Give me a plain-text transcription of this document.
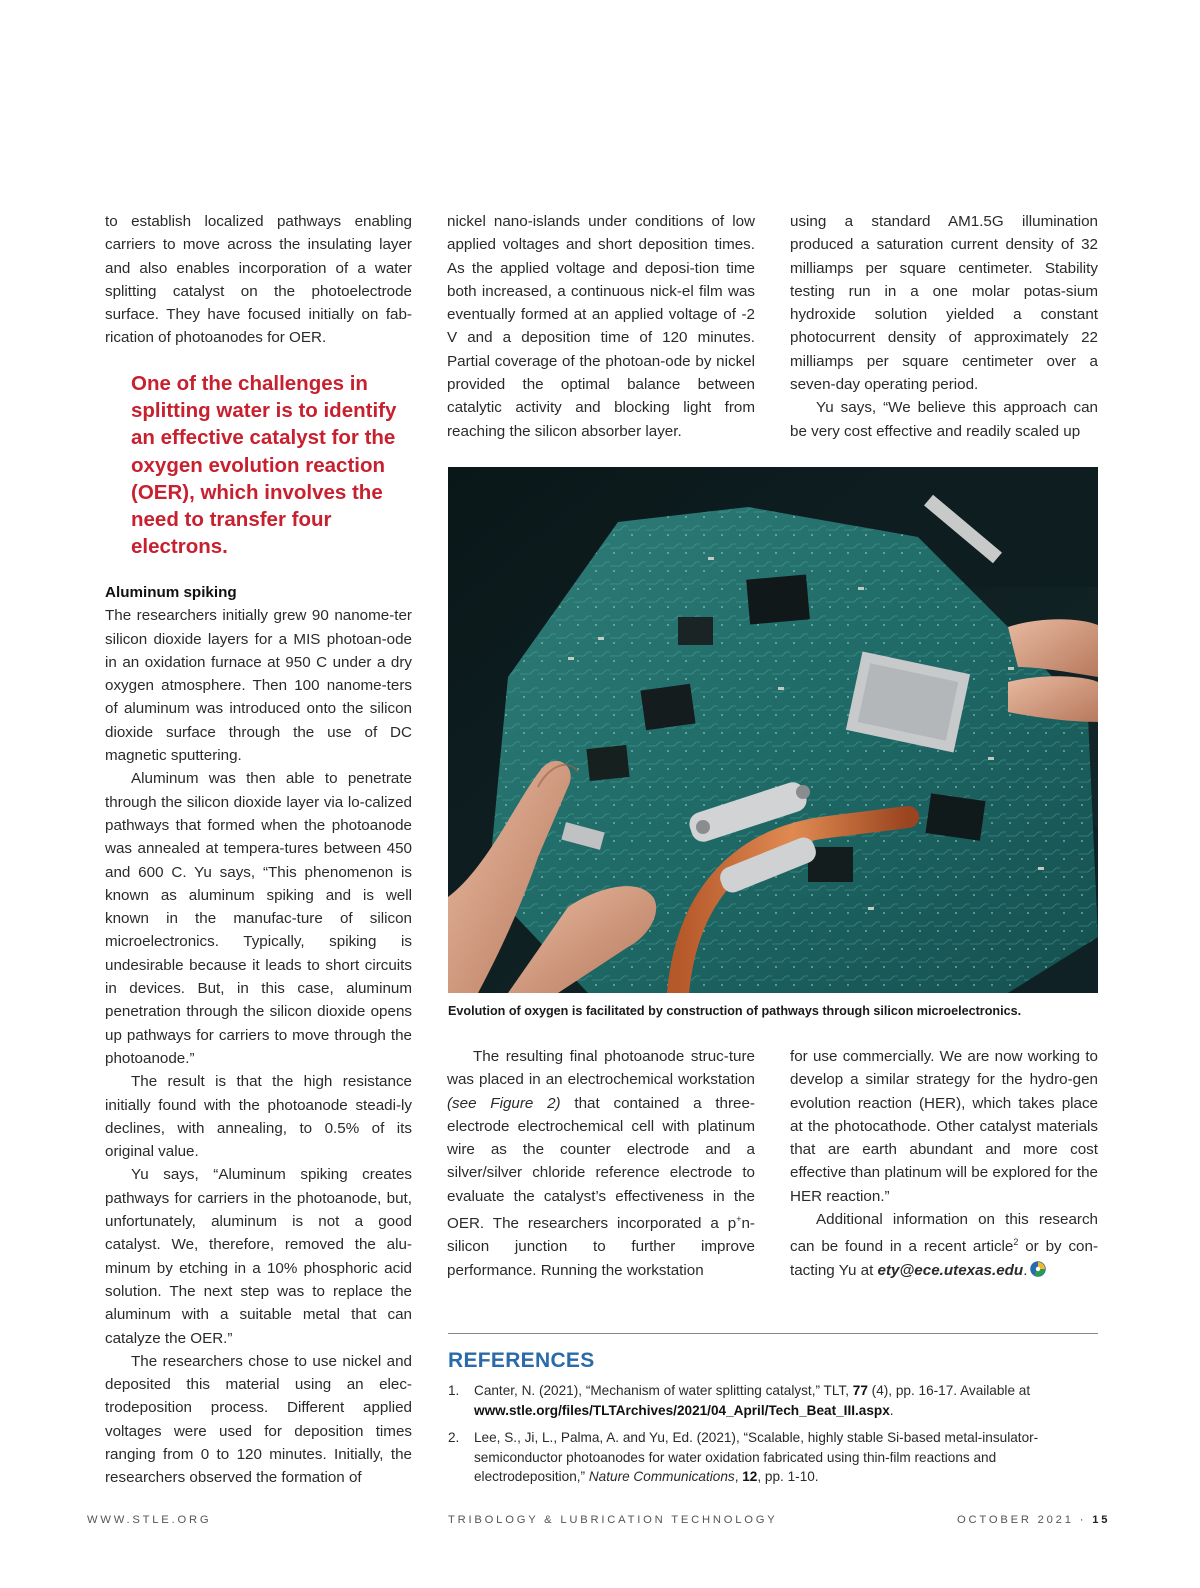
to establish localized pathways enabling carriers to move across the insulating layer and also enables incorporation of a water splitting catalyst on the photoelectrode surface. They have focused initially on fab-rication of photoanodes for OER.

One of the challenges in splitting water is to identify an effective catalyst for the oxygen evolution reaction (OER), which involves the need to transfer four electrons.

Aluminum spiking

The researchers initially grew 90 nanome-ter silicon dioxide layers for a MIS photoan-ode in an oxidation furnace at 950 C under a dry oxygen atmosphere. Then 100 nanome-ters of aluminum was introduced onto the silicon dioxide surface through the use of DC magnetic sputtering.

Aluminum was then able to penetrate through the silicon dioxide layer via lo-calized pathways that formed when the photoanode was annealed at tempera-tures between 450 and 600 C. Yu says, “This phenomenon is known as aluminum spiking and is well known in the manufac-ture of silicon microelectronics. Typically, spiking is undesirable because it leads to short circuits in devices. But, in this case, aluminum penetration through the silicon dioxide opens up pathways for carriers to move through the photoanode.”

The result is that the high resistance initially found with the photoanode steadi-ly declines, with annealing, to 0.5% of its original value.

Yu says, “Aluminum spiking creates pathways for carriers in the photoanode, but, unfortunately, aluminum is not a good catalyst. We, therefore, removed the alu-minum by etching in a 10% phosphoric acid solution. The next step was to replace the aluminum with a suitable metal that can catalyze the OER.”

The researchers chose to use nickel and deposited this material using an elec-trodeposition process. Different applied voltages were used for deposition times ranging from 0 to 120 minutes. Initially, the researchers observed the formation of

nickel nano-islands under conditions of low applied voltages and short deposition times. As the applied voltage and deposi-tion time both increased, a continuous nick-el film was eventually formed at an applied voltage of -2 V and a deposition time of 120 minutes. Partial coverage of the photoan-ode by nickel provided the optimal balance between catalytic activity and blocking light from reaching the silicon absorber layer.

using a standard AM1.5G illumination produced a saturation current density of 32 milliamps per square centimeter. Stability testing run in a one molar potas-sium hydroxide solution yielded a constant photocurrent density of approximately 22 milliamps per square centimeter over a seven-day operating period.

Yu says, “We believe this approach can be very cost effective and readily scaled up

Evolution of oxygen is facilitated by construction of pathways through silicon microelectronics.

The resulting final photoanode struc-ture was placed in an electrochemical workstation (see Figure 2) that contained a three-electrode electrochemical cell with platinum wire as the counter electrode and a silver/silver chloride reference electrode to evaluate the catalyst’s effectiveness in the OER. The researchers incorporated a p+n-silicon junction to further improve performance. Running the workstation

for use commercially. We are now working to develop a similar strategy for the hydro-gen evolution reaction (HER), which takes place at the photocathode. Other catalyst materials that are earth abundant and more cost effective than platinum will be explored for the HER reaction.”

Additional information on this research can be found in a recent article$^2$ or by con-tacting Yu at ety@ece.utexas.edu.

REFERENCES
1. Canter, N. (2021), “Mechanism of water splitting catalyst,” TLT, 77 (4), pp. 16-17. Available at www.stle.org/files/TLTArchives/2021/04_April/Tech_Beat_III.aspx.
2. Lee, S., Ji, L., Palma, A. and Yu, Ed. (2021), “Scalable, highly stable Si-based metal-insulator-semiconductor photoanodes for water oxidation fabricated using thin-film reactions and electrodeposition,” Nature Communications, 12, pp. 1-10.
WWW.STLE.ORG	TRIBOLOGY & LUBRICATION TECHNOLOGY	OCTOBER 2021 · 15
